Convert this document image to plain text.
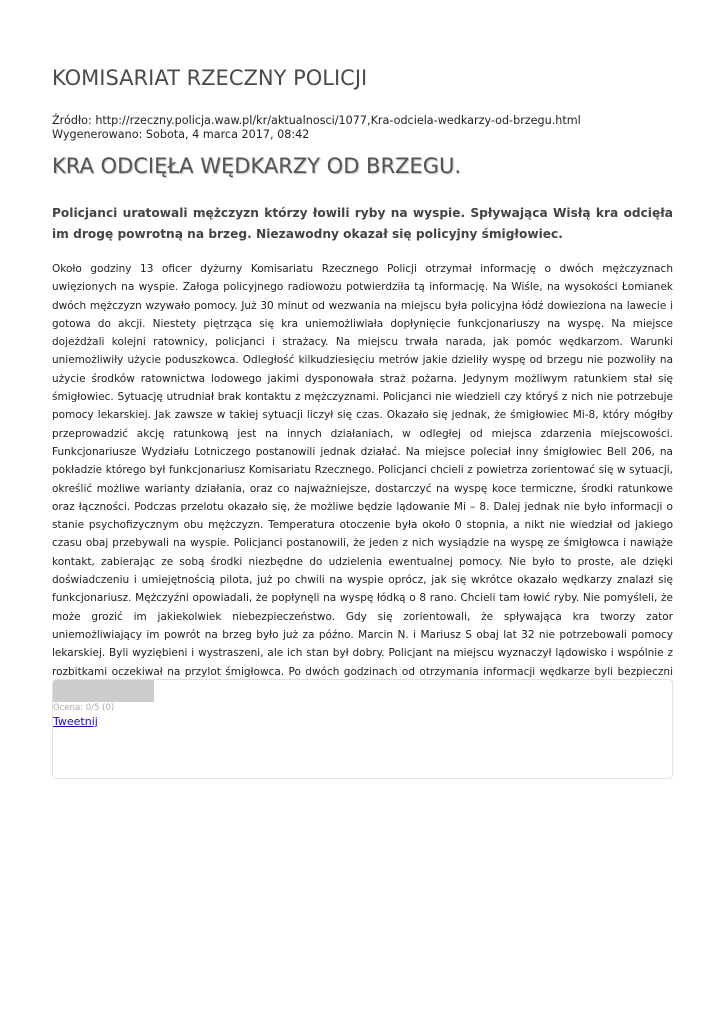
KOMISARIAT RZECZNY POLICJI
Źródło: http://rzeczny.policja.waw.pl/kr/aktualnosci/1077,Kra-odciela-wedkarzy-od-brzegu.html
Wygenerowano: Sobota, 4 marca 2017, 08:42
KRA ODCIĘŁA WĘDKARZY OD BRZEGU.

Policjanci uratowali mężczyzn którzy łowili ryby na wyspie. Spływająca Wisłą kra odcięła im drogę powrotną na brzeg. Niezawodny okazał się policyjny śmigłowiec.

Około godziny 13 oficer dyżurny Komisariatu Rzecznego Policji otrzymał informację o dwóch mężczyznach uwięzionych na wyspie. Załoga policyjnego radiowozu potwierdziła tą informację. Na Wiśle, na wysokości Łomianek dwóch mężczyzn wzywało pomocy. Już 30 minut od wezwania na miejscu była policyjna łódź dowieziona na lawecie i gotowa do akcji. Niestety piętrząca się kra uniemożliwiała dopłynięcie funkcjonariuszy na wyspę. Na miejsce dojeżdżali kolejni ratownicy, policjanci i strażacy. Na miejscu trwała narada, jak pomóc wędkarzom. Warunki uniemożliwiły użycie poduszkowca. Odległość kilkudziesięciu metrów jakie dzieliły wyspę od brzegu nie pozwoliły na użycie środków ratownictwa lodowego jakimi dysponowała straż pożarna. Jedynym możliwym ratunkiem stał się śmigłowiec. Sytuację utrudniał brak kontaktu z mężczyznami. Policjanci nie wiedzieli czy któryś z nich nie potrzebuje pomocy lekarskiej. Jak zawsze w takiej sytuacji liczył się czas. Okazało się jednak, że śmigłowiec Mi-8, który mógłby przeprowadzić akcję ratunkową jest na innych działaniach, w odległej od miejsca zdarzenia miejscowości. Funkcjonariusze Wydziału Lotniczego postanowili jednak działać. Na miejsce poleciał inny śmigłowiec Bell 206, na pokładzie którego był funkcjonariusz Komisariatu Rzecznego. Policjanci chcieli z powietrza zorientować się w sytuacji, określić możliwe warianty działania, oraz co najważniejsze, dostarczyć na wyspę koce termiczne, środki ratunkowe oraz łączności. Podczas przelotu okazało się, że możliwe będzie lądowanie Mi – 8. Dalej jednak nie było informacji o stanie psychofizycznym obu mężczyzn. Temperatura otoczenie była około 0 stopnia, a nikt nie wiedział od jakiego czasu obaj przebywali na wyspie. Policjanci postanowili, że jeden z nich wysiądzie na wyspę ze śmigłowca i nawiąże kontakt, zabierając ze sobą środki niezbędne do udzielenia ewentualnej pomocy. Nie było to proste, ale dzięki doświadczeniu i umiejętnością pilota, już po chwili na wyspie oprócz, jak się wkrótce okazało wędkarzy znalazł się funkcjonariusz. Mężczyźni opowiadali, że popłynęli na wyspę łódką o 8 rano. Chcieli tam łowić ryby. Nie pomyśleli, że może grozić im jakiekolwiek niebezpieczeństwo. Gdy się zorientowali, że spływająca kra tworzy zator uniemożliwiający im powrót na brzeg było już za późno. Marcin N. i Mariusz S obaj lat 32 nie potrzebowali pomocy lekarskiej. Byli wyziębieni i wystraszeni, ale ich stan był dobry. Policjant na miejscu wyznaczył lądowisko i wspólnie z rozbitkami oczekiwał na przylot śmigłowca. Po dwóch godzinach od otrzymania informacji wędkarze byli bezpieczni

Ocena: 0/5 (0)
Tweetnij
